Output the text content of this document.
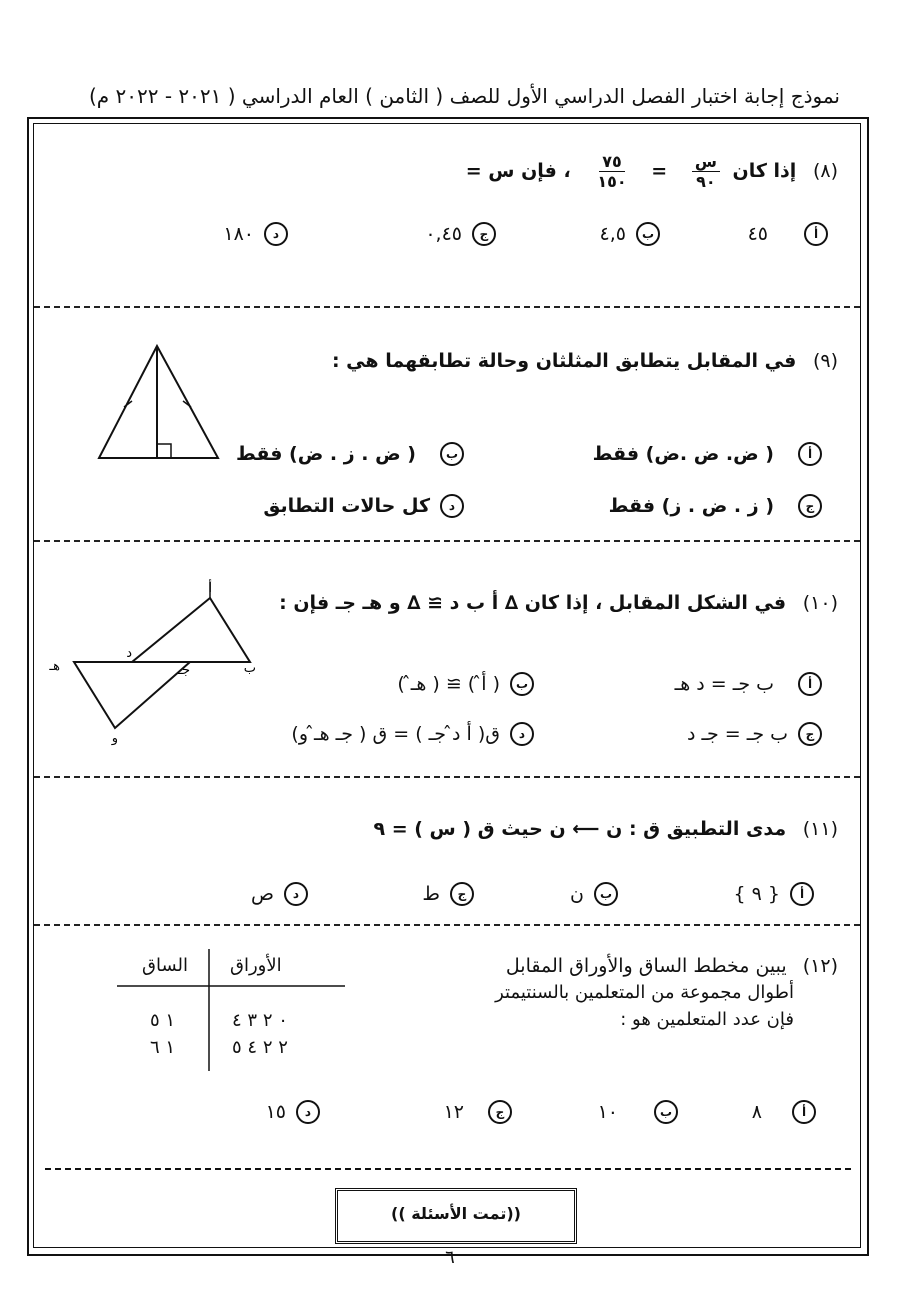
نموذج إجابة اختبار الفصل الدراسي الأول للصف ( الثامن ) العام الدراسي ( ٢٠٢١ - ٢٠٢٢ م)
(٨) إذا كان
$\frac{\text{س}}{٩٠}$
=
$\frac{٧٥}{١٥٠}$
، فإن س =
أ
٤٥
ب
٤,٥
ج
٠,٤٥
د
١٨٠
(٩) في المقابل يتطابق المثلثان وحالة تطابقهما هي :
أ
( ض. ض .ض) فقط
ب
( ض . ز . ض) فقط
ج
( ز . ض . ز) فقط
د
كل حالات التطابق
(١٠) في الشكل المقابل ، إذا كان ∆ أ ب د ≅ ∆ و هـ جـ فإن :
أ
ب
د
جـ
هـ
و
أ
ب جـ = د هـ
ب
( أ̂ ) ≅ ( هـ̂ )
ج
ب جـ = جـ د
د
ق( أ د̂ جـ ) = ق ( جـ هـ̂ و)
(١١) مدى التطبيق ق : ن ⟵ ن حيث ق ( س ) = ٩
أ
{ ٩ }
ب
ن
ج
ط
د
ص
(١٢) يبين مخطط الساق والأوراق المقابل
أطوال مجموعة من المتعلمين بالسنتيمتر
فإن عدد المتعلمين هو :
الأوراق
الساق
٠ ٢ ٣ ٤
١ ٥
٢ ٢ ٤ ٥
١ ٦
أ
٨
ب
١٠
ج
١٢
د
١٥
((تمت الأسئلة ))
٦
